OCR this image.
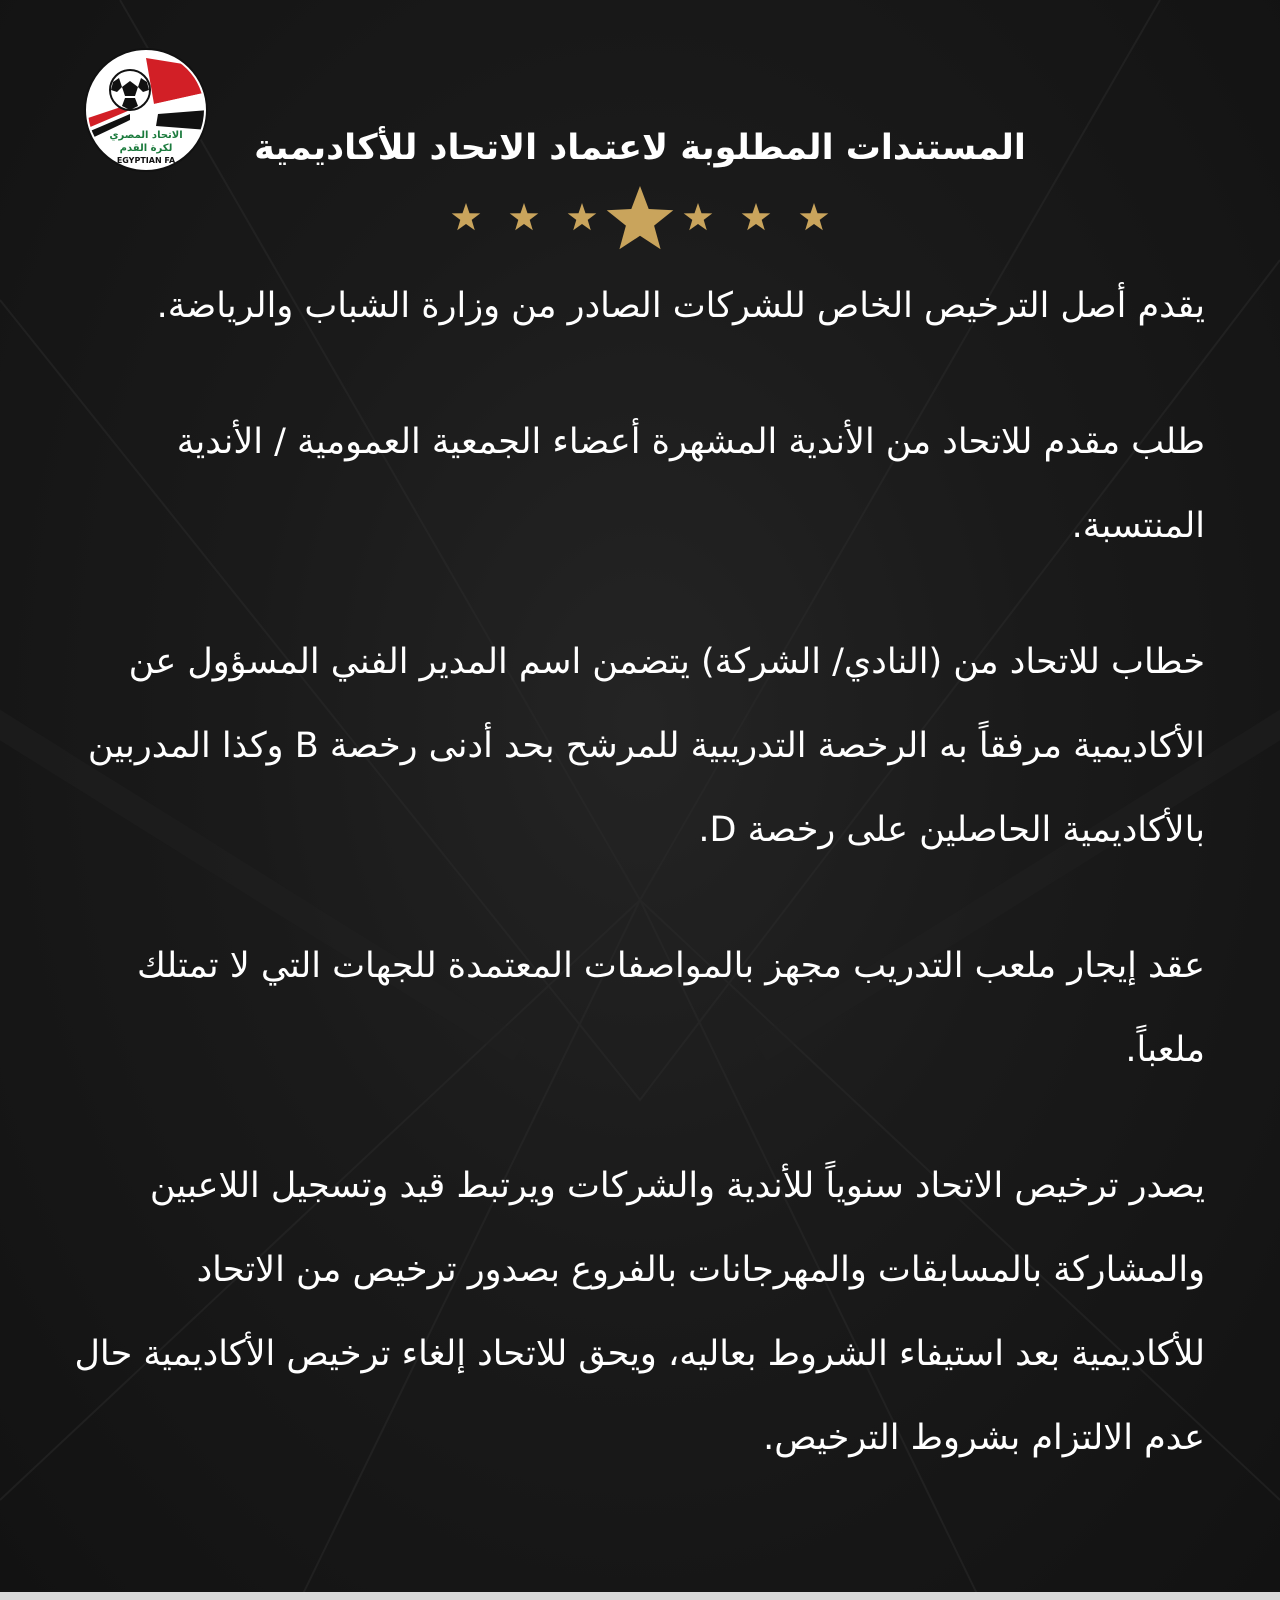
الاتحاد المصري
لكرة القدم
EGYPTIAN FA	المستندات المطلوبة لاعتماد الاتحاد للأكاديمية

يقدم أصل الترخيص الخاص للشركات الصادر من وزارة الشباب والرياضة.

طلب مقدم للاتحاد من الأندية المشهرة أعضاء الجمعية العمومية / الأندية المنتسبة.

خطاب للاتحاد من (النادي/ الشركة) يتضمن اسم المدير الفني المسؤول عن الأكاديمية مرفقاً به الرخصة التدريبية للمرشح بحد أدنى رخصة B وكذا المدربين بالأكاديمية الحاصلين على رخصة D.

عقد إيجار ملعب التدريب مجهز بالمواصفات المعتمدة للجهات التي لا تمتلك ملعباً.

يصدر ترخيص الاتحاد سنوياً للأندية والشركات ويرتبط قيد وتسجيل اللاعبين والمشاركة بالمسابقات والمهرجانات بالفروع بصدور ترخيص من الاتحاد للأكاديمية بعد استيفاء الشروط بعاليه، ويحق للاتحاد إلغاء ترخيص الأكاديمية حال عدم الالتزام بشروط الترخيص.
